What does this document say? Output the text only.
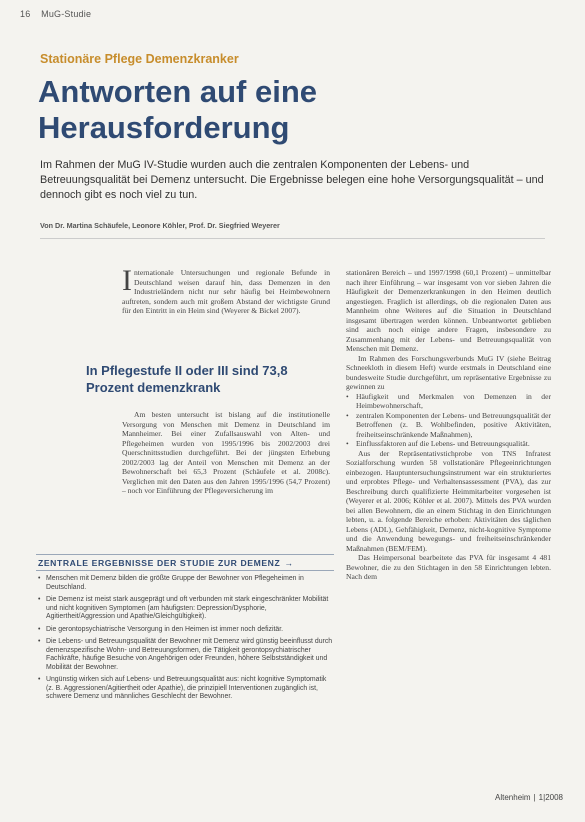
16 MuG-Studie
Stationäre Pflege Demenzkranker
Antworten auf eine
Herausforderung

Im Rahmen der MuG IV-Studie wurden auch die zentralen Komponenten der Lebens- und Betreuungsqualität bei Demenz untersucht. Die Ergebnisse belegen eine hohe Versorgungsqualität – und dennoch gibt es noch viel zu tun.

Von Dr. Martina Schäufele, Leonore Köhler, Prof. Dr. Siegfried Weyerer

Internationale Untersuchungen und regionale Befunde in Deutschland weisen darauf hin, dass Demenzen in den Industrieländern nicht nur sehr häufig bei Heimbewohnern auftreten, sondern auch mit großem Abstand der wichtigste Grund für den Eintritt in ein Heim sind (Weyerer & Bickel 2007).

In Pflegestufe II oder III sind 73,8 Prozent demenzkrank

Am besten untersucht ist bislang auf die institutionelle Versorgung von Menschen mit Demenz in Deutschland im Mannheimer. Bei einer Zufallsauswahl von Alten- und Pflegeheimen wurden von 1995/1996 bis 2002/2003 drei Querschnittsstudien durchgeführt. Bei der jüngsten Erhebung 2002/2003 lag der Anteil von Menschen mit Demenz an der Bewohnerschaft bei 65,3 Prozent (Schäufele et al. 2008c). Verglichen mit den Daten aus den Jahren 1995/1996 (54,7 Prozent) – noch vor Einführung der Pflegeversicherung im

stationären Bereich – und 1997/1998 (60,1 Prozent) – unmittelbar nach ihrer Einführung – war insgesamt von vor sieben Jahren die Häufigkeit der Demenzerkrankungen in den Heimen deutlich angestiegen. Fraglich ist allerdings, ob die regionalen Daten aus Mannheim ohne Weiteres auf die Situation in Deutschland insgesamt übertragen werden können. Unbeantwortet geblieben sind auch noch einige andere Fragen, insbesondere zu Zusammenhang mit der Lebens- und Betreuungsqualität von Menschen mit Demenz.

Im Rahmen des Forschungsverbunds MuG IV (siehe Beitrag Schneekloth in diesem Heft) wurde erstmals in Deutschland eine bundesweite Studie durchgeführt, um repräsentative Ergebnisse zu gewinnen zu

• Häufigkeit und Merkmalen von Demenzen in der Heimbewohnerschaft,
• zentralen Komponenten der Lebens- und Betreuungsqualität der Betroffenen (z. B. Wohlbefinden, positive Aktivitäten, freiheitseinschränkende Maßnahmen),
• Einflussfaktoren auf die Lebens- und Betreuungsqualität.

Aus der Repräsentativstichprobe von TNS Infratest Sozialforschung wurden 58 vollstationäre Pflegeeinrichtungen einbezogen. Hauptuntersuchungsinstrument war ein strukturiertes und erprobtes Pflege- und Verhaltensassessment (PVA), das zur Beschreibung durch qualifizierte Heimmitarbeiter vorgesehen ist (Weyerer et al. 2006; Köhler et al. 2007). Mittels des PVA wurden bei allen Bewohnern, die an einem Stichtag in den Einrichtungen lebten, u. a. folgende Bereiche erhoben: Aktivitäten des täglichen Lebens (ADL), Gehfähigkeit, Demenz, nicht-kognitive Symptome und die Anwendung bewegungs- und freiheitseinschränkender Maßnahmen (BEM/FEM).

Das Heimpersonal bearbeitete das PVA für insgesamt 4 481 Bewohner, die zu den Stichtagen in den 58 Einrichtungen lebten. Nach dem

ZENTRALE ERGEBNISSE DER STUDIE ZUR DEMENZ →
• Menschen mit Demenz bilden die größte Gruppe der Bewohner von Pflegeheimen in Deutschland.
• Die Demenz ist meist stark ausgeprägt und oft verbunden mit stark eingeschränkter Mobilität und nicht kognitiven Symptomen (am häufigsten: Depression/Dysphorie, Agitiertheit/Aggression und Apathie/Gleichgültigkeit).
• Die gerontopsychiatrische Versorgung in den Heimen ist immer noch defizitär.
• Die Lebens- und Betreuungsqualität der Bewohner mit Demenz wird günstig beeinflusst durch demenzspezifische Wohn- und Betreuungsformen, die Tätigkeit gerontopsychiatrischer Fachkräfte, häufige Besuche von Angehörigen oder Freunden, höhere Selbstständigkeit und Mobilität der Bewohner.
• Ungünstig wirken sich auf Lebens- und Betreuungsqualität aus: nicht kognitive Symptomatik (z. B. Aggressionen/Agitiertheit oder Apathie), die prinzipiell Interventionen zugänglich ist, schwere Demenz und männliches Geschlecht der Bewohner.
Altenheim | 1|2008
